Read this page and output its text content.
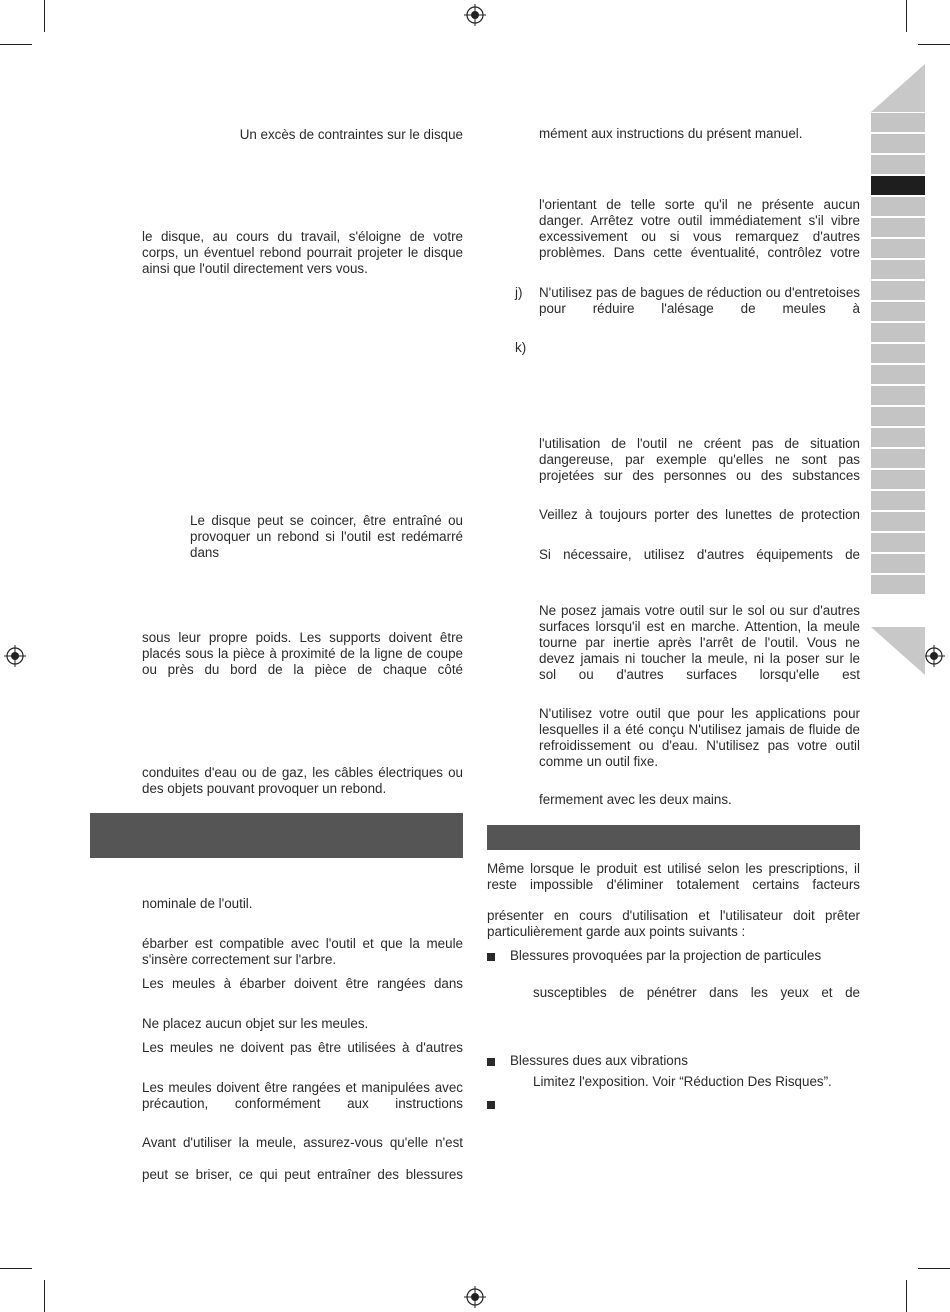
Un excès de contraintes sur le disque

le disque, au cours du travail, s'éloigne de votre corps, un éventuel rebond pourrait projeter le disque ainsi que l'outil directement vers vous.

Le disque peut se coincer, être entraîné ou provoquer un rebond si l'outil est redémarré dans

sous leur propre poids. Les supports doivent être placés sous la pièce à proximité de la ligne de coupe ou près du bord de la pièce de chaque côté

conduites d'eau ou de gaz, les câbles électriques ou des objets pouvant provoquer un rebond.

nominale de l'outil.

ébarber est compatible avec l'outil et que la meule s'insère correctement sur l'arbre.

Les meules à ébarber doivent être rangées dans

Ne placez aucun objet sur les meules.

Les meules ne doivent pas être utilisées à d'autres

Les meules doivent être rangées et manipulées avec précaution, conformément aux instructions

Avant d'utiliser la meule, assurez-vous qu'elle n'est

peut se briser, ce qui peut entraîner des blessures

mément aux instructions du présent manuel.

l'orientant de telle sorte qu'il ne présente aucun danger. Arrêtez votre outil immédiatement s'il vibre excessivement ou si vous remarquez d'autres problèmes. Dans cette éventualité, contrôlez votre

j) N'utilisez pas de bagues de réduction ou d'entretoises pour réduire l'alésage de meules à

k)

l'utilisation de l'outil ne créent pas de situation dangereuse, par exemple qu'elles ne sont pas projetées sur des personnes ou des substances

Veillez à toujours porter des lunettes de protection

Si nécessaire, utilisez d'autres équipements de

Ne posez jamais votre outil sur le sol ou sur d'autres surfaces lorsqu'il est en marche. Attention, la meule tourne par inertie après l'arrêt de l'outil. Vous ne devez jamais ni toucher la meule, ni la poser sur le sol ou d'autres surfaces lorsqu'elle est

N'utilisez votre outil que pour les applications pour lesquelles il a été conçu N'utilisez jamais de fluide de refroidissement ou d'eau. N'utilisez pas votre outil comme un outil fixe.

fermement avec les deux mains.

Même lorsque le produit est utilisé selon les prescriptions, il reste impossible d'éliminer totalement certains facteurs

présenter en cours d'utilisation et l'utilisateur doit prêter particulièrement garde aux points suivants :

Blessures provoquées par la projection de particules

susceptibles de pénétrer dans les yeux et de

Blessures dues aux vibrations
Limitez l'exposition. Voir “Réduction Des Risques”.
